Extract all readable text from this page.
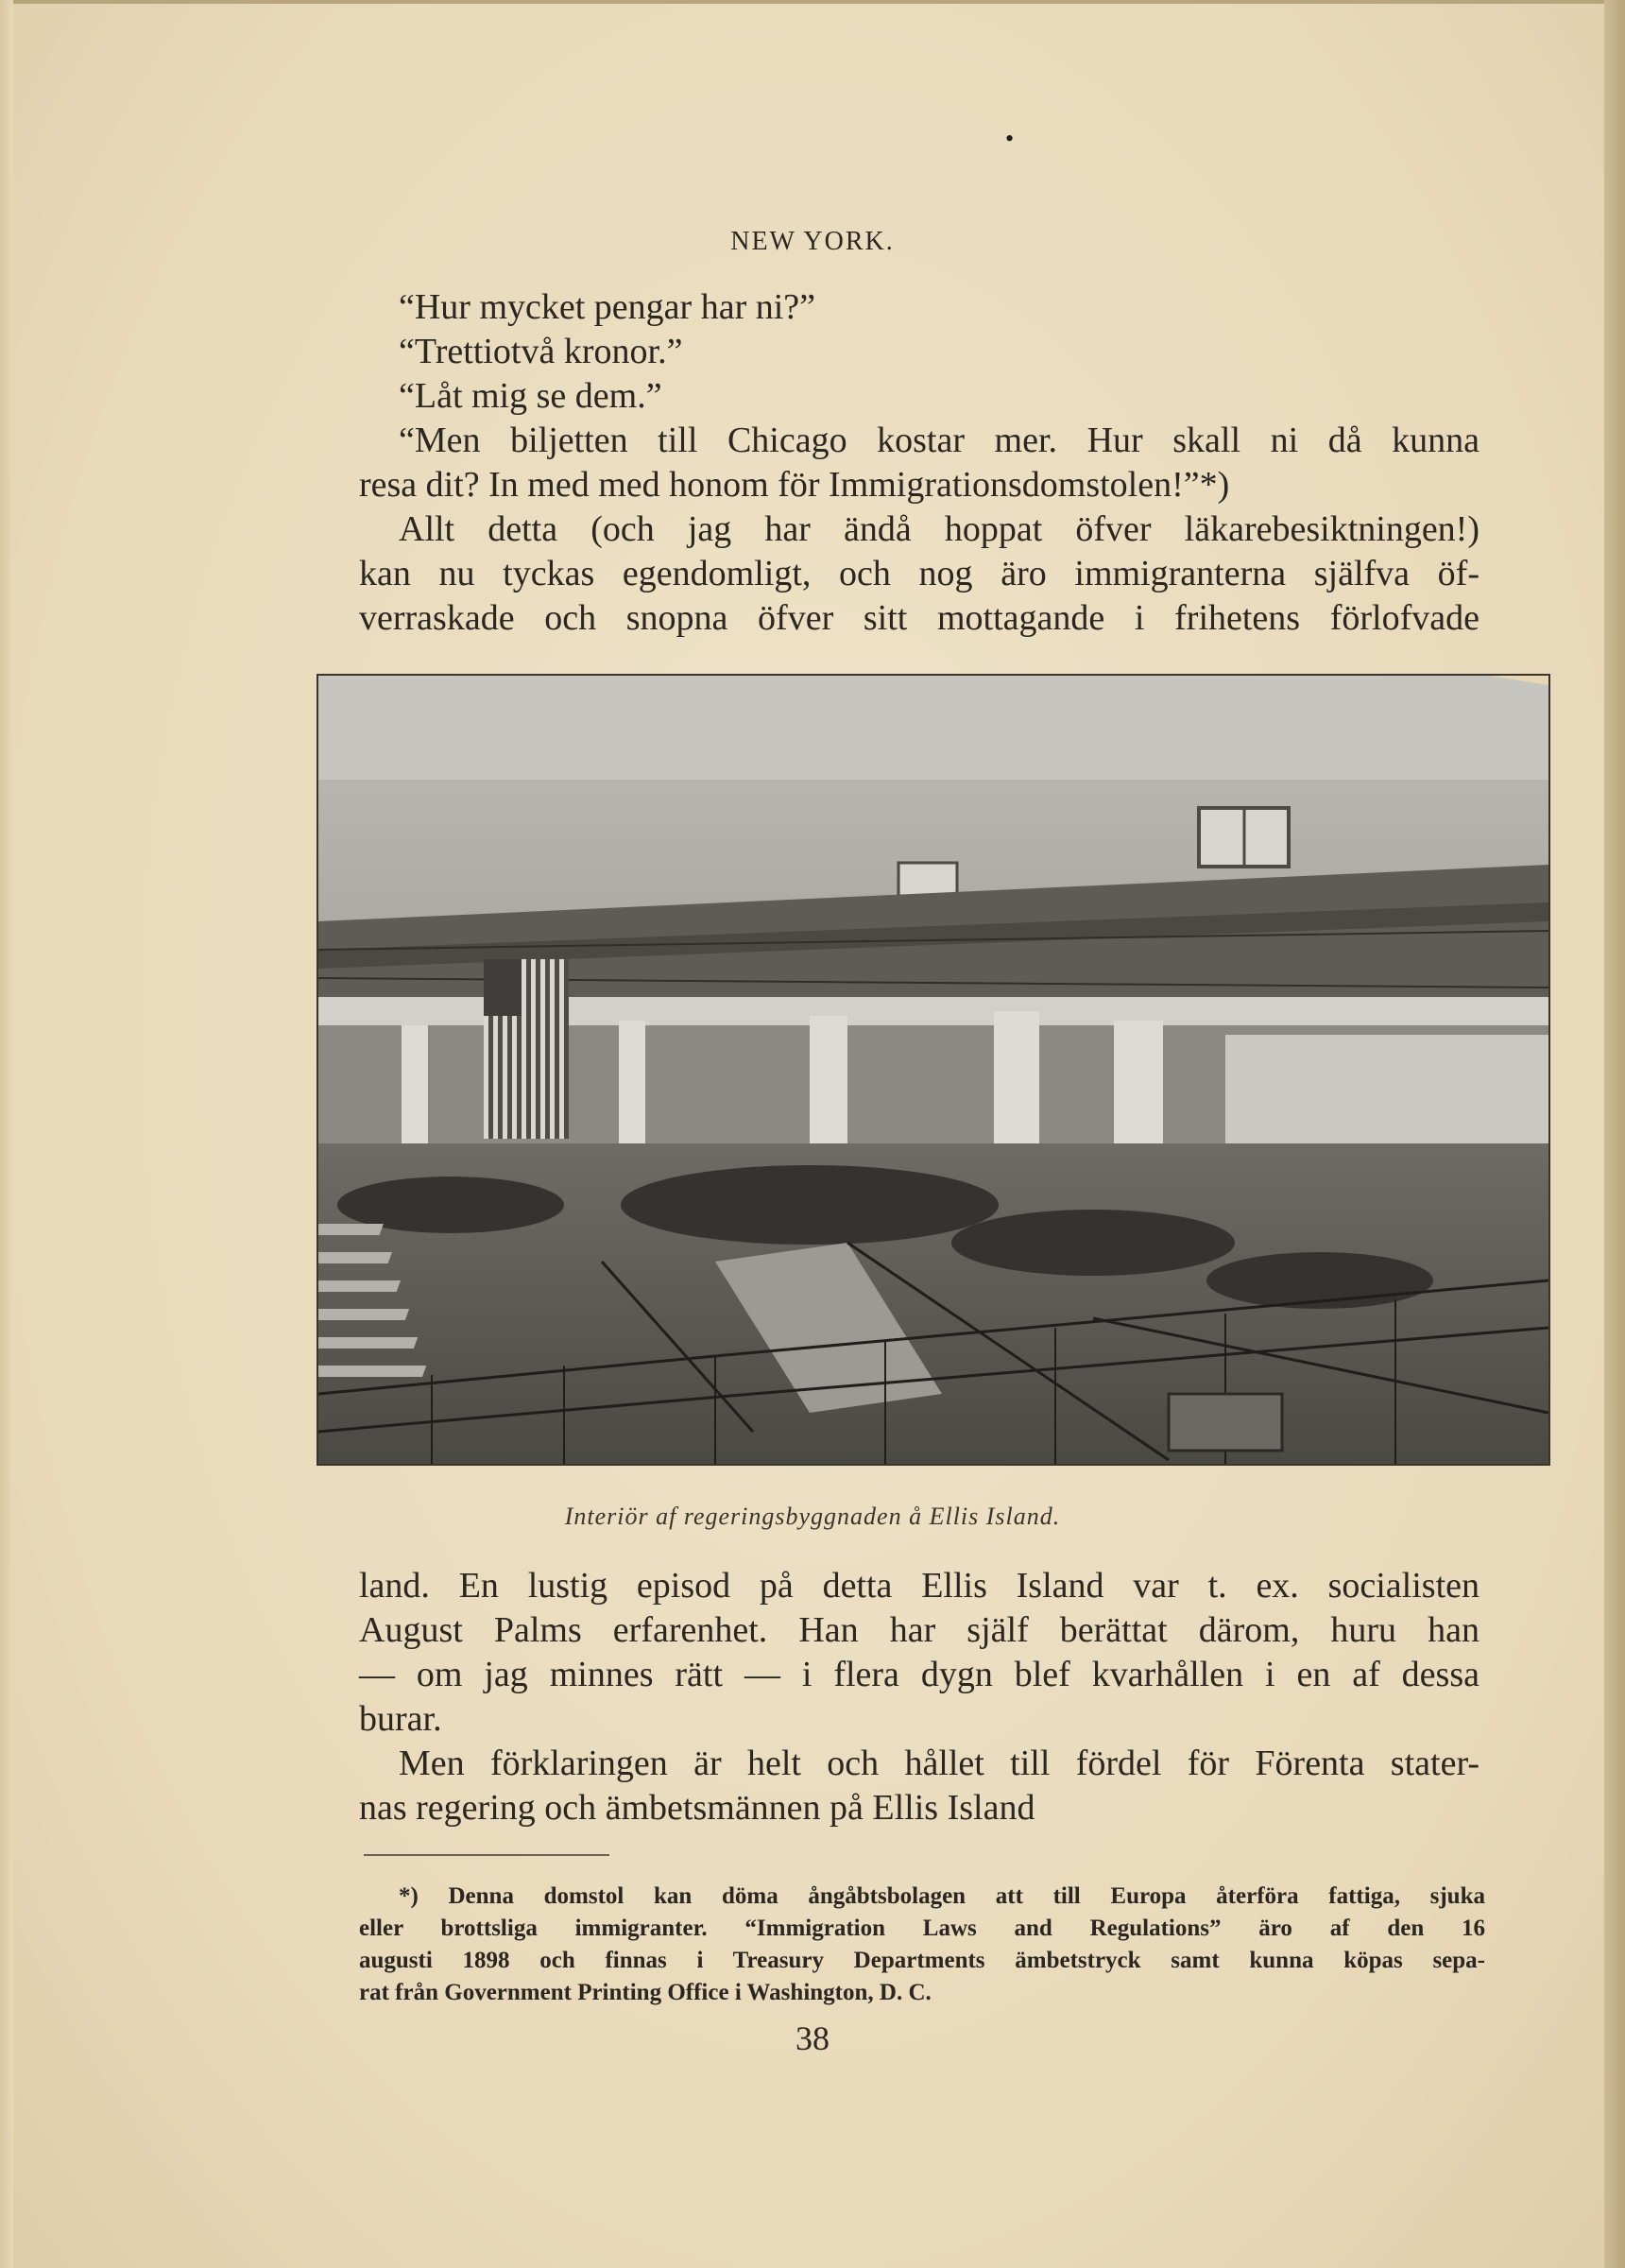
•
NEW YORK.
“Hur mycket pengar har ni?”
“Trettiotvå kronor.”
“Låt mig se dem.”
“Men biljetten till Chicago kostar mer. Hur skall ni då kunna
resa dit? In med med honom för Immigrationsdomstolen!”*)
Allt detta (och jag har ändå hoppat öfver läkarebesiktningen!)
kan nu tyckas egendomligt, och nog äro immigranterna själfva öf-
verraskade och snopna öfver sitt mottagande i frihetens förlofvade
Interiör af regeringsbyggnaden å Ellis Island.
land. En lustig episod på detta Ellis Island var t. ex. socialisten
August Palms erfarenhet. Han har själf berättat därom, huru han
— om jag minnes rätt — i flera dygn blef kvarhållen i en af dessa
burar.
Men förklaringen är helt och hållet till fördel för Förenta stater-
nas regering och ämbetsmännen på Ellis Island
*) Denna domstol kan döma ångåbtsbolagen att till Europa återföra fattiga, sjuka
eller brottsliga immigranter. “Immigration Laws and Regulations” äro af den 16
augusti 1898 och finnas i Treasury Departments ämbetstryck samt kunna köpas sepa-
rat från Government Printing Office i Washington, D. C.
38
